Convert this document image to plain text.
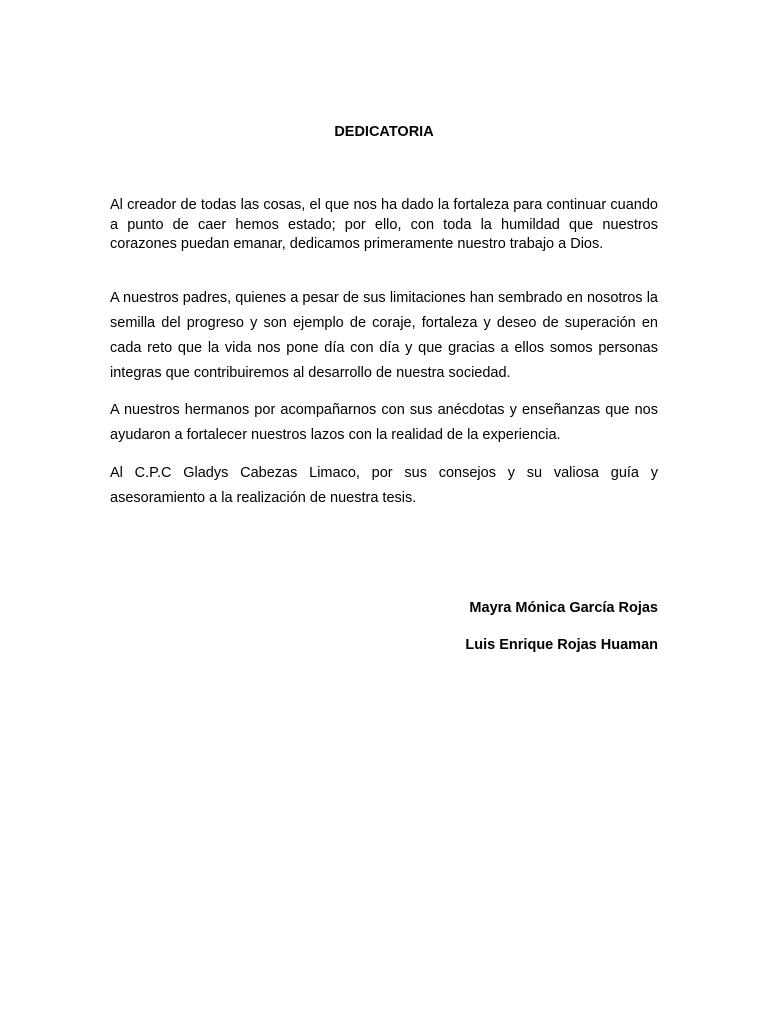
DEDICATORIA

Al creador de todas las cosas, el que nos ha dado la fortaleza para continuar cuando a punto de caer hemos estado; por ello, con toda la humildad que nuestros corazones puedan emanar, dedicamos primeramente nuestro trabajo a Dios.

A nuestros padres, quienes a pesar de sus limitaciones han sembrado en nosotros la semilla del progreso y son ejemplo de coraje, fortaleza y deseo de superación en cada reto que la vida nos pone día con día y que gracias a ellos somos personas integras que contribuiremos al desarrollo de nuestra sociedad.

A nuestros hermanos por acompañarnos con sus anécdotas y enseñanzas que nos ayudaron a fortalecer nuestros lazos con la realidad de la experiencia.

Al C.P.C Gladys Cabezas Limaco, por sus consejos y su valiosa guía y asesoramiento a la realización de nuestra tesis.

Mayra Mónica García Rojas
Luis Enrique Rojas Huaman
